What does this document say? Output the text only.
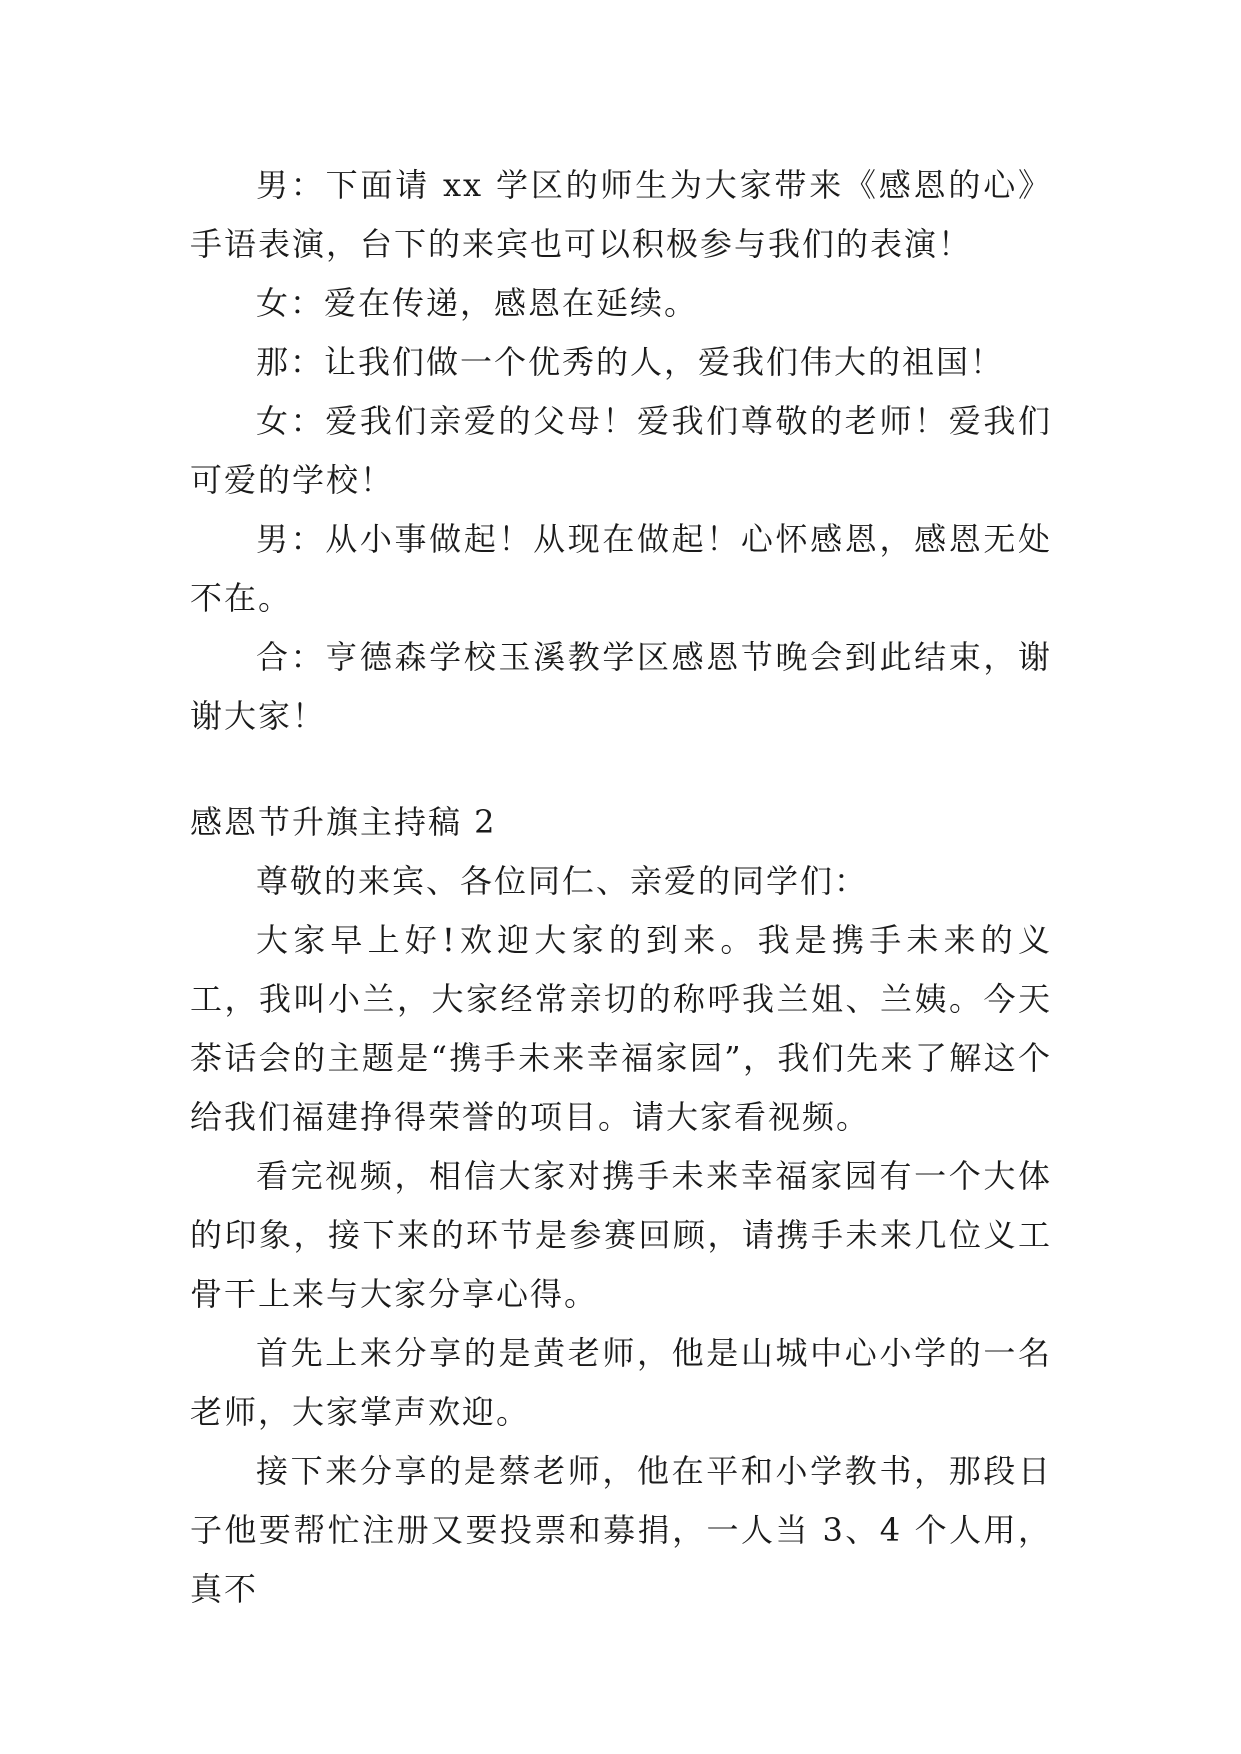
男：下面请 xx 学区的师生为大家带来《感恩的心》手语表演，台下的来宾也可以积极参与我们的表演！

女：爱在传递，感恩在延续。

那：让我们做一个优秀的人，爱我们伟大的祖国！

女：爱我们亲爱的父母！爱我们尊敬的老师！爱我们可爱的学校！

男：从小事做起！从现在做起！心怀感恩，感恩无处不在。

合：亨德森学校玉溪教学区感恩节晚会到此结束，谢谢大家！

感恩节升旗主持稿 2

尊敬的来宾、各位同仁、亲爱的同学们：

大家早上好!欢迎大家的到来。我是携手未来的义工，我叫小兰，大家经常亲切的称呼我兰姐、兰姨。今天茶话会的主题是“携手未来幸福家园”，我们先来了解这个给我们福建挣得荣誉的项目。请大家看视频。

看完视频，相信大家对携手未来幸福家园有一个大体的印象，接下来的环节是参赛回顾，请携手未来几位义工骨干上来与大家分享心得。

首先上来分享的是黄老师，他是山城中心小学的一名老师，大家掌声欢迎。

接下来分享的是蔡老师，他在平和小学教书，那段日子他要帮忙注册又要投票和募捐，一人当 3、4 个人用，真不
